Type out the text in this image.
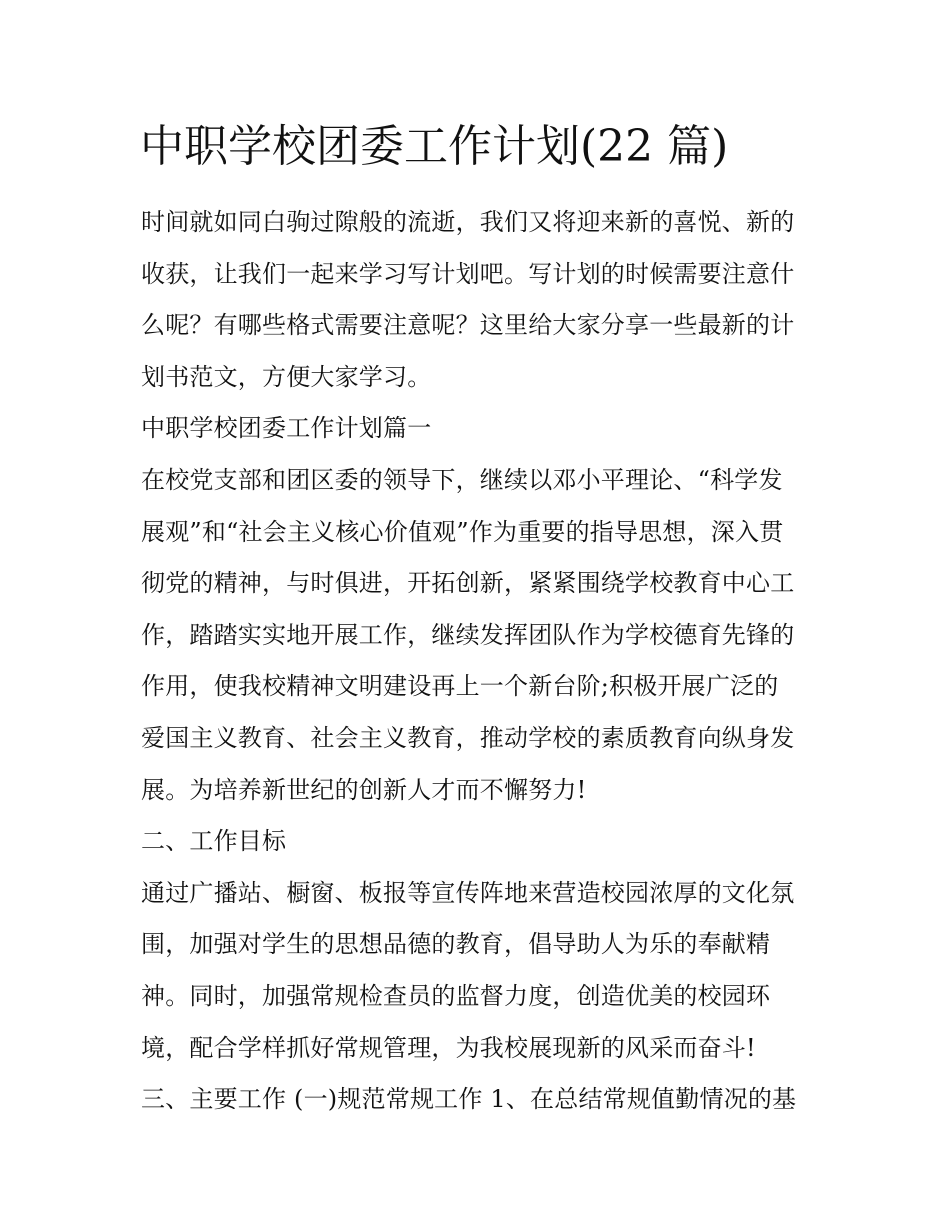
中职学校团委工作计划(22 篇)
时间就如同白驹过隙般的流逝，我们又将迎来新的喜悦、新的
收获，让我们一起来学习写计划吧。写计划的时候需要注意什
么呢？有哪些格式需要注意呢？这里给大家分享一些最新的计
划书范文，方便大家学习。
中职学校团委工作计划篇一
在校党支部和团区委的领导下，继续以邓小平理论、“科学发
展观”和“社会主义核心价值观”作为重要的指导思想，深入贯
彻党的精神，与时俱进，开拓创新，紧紧围绕学校教育中心工
作，踏踏实实地开展工作，继续发挥团队作为学校德育先锋的
作用，使我校精神文明建设再上一个新台阶;积极开展广泛的
爱国主义教育、社会主义教育，推动学校的素质教育向纵身发
展。为培养新世纪的创新人才而不懈努力!
二、工作目标
通过广播站、橱窗、板报等宣传阵地来营造校园浓厚的文化氛
围，加强对学生的思想品德的教育，倡导助人为乐的奉献精
神。同时，加强常规检查员的监督力度，创造优美的校园环
境，配合学样抓好常规管理，为我校展现新的风采而奋斗!
三、主要工作 (一)规范常规工作 1、在总结常规值勤情况的基
